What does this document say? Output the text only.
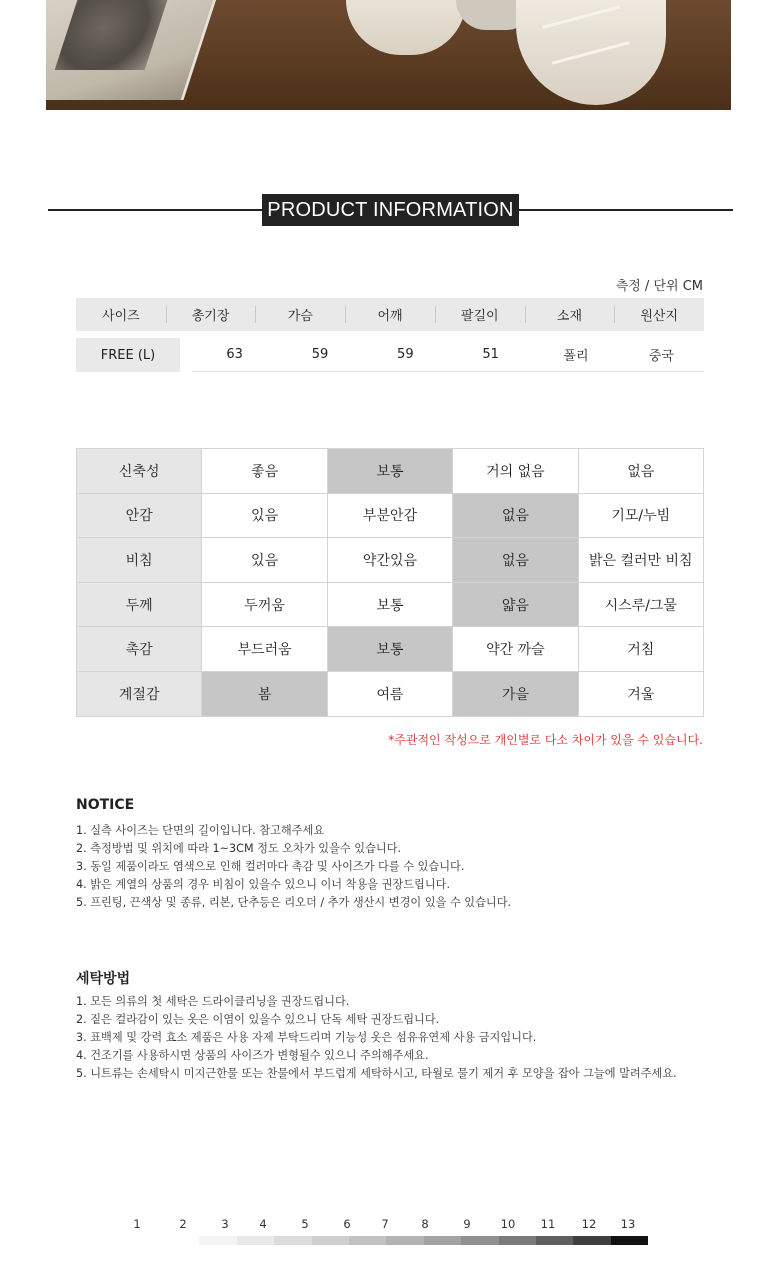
PRODUCT INFORMATION
측정 / 단위 CM
사이즈	총기장	가슴	어깨	팔길이	소재	원산지
FREE (L)	63	59	59	51	폴리	중국
신축성	좋음	보통	거의 없음	없음
안감	있음	부분안감	없음	기모/누빔
비침	있음	약간있음	없음	밝은 컬러만 비침
두께	두꺼움	보통	얇음	시스루/그물
촉감	부드러움	보통	약간 까슬	거침
계절감	봄	여름	가을	겨울
*주관적인 작성으로 개인별로 다소 차이가 있을 수 있습니다.
NOTICE
1. 실측 사이즈는 단면의 길이입니다. 참고해주세요
2. 측정방법 및 위치에 따라 1~3CM 정도 오차가 있을수 있습니다.
3. 동일 제품이라도 염색으로 인해 컬러마다 촉감 및 사이즈가 다를 수 있습니다.
4. 밝은 계열의 상품의 경우 비침이 있을수 있으니 이너 착용을 권장드립니다.
5. 프린팅, 끈색상 및 종류, 리본, 단추등은 리오더 / 추가 생산시 변경이 있을 수 있습니다.
세탁방법
1. 모든 의류의 첫 세탁은 드라이클리닝을 권장드립니다.
2. 짙은 컬라감이 있는 옷은 이염이 있을수 있으니 단독 세탁 권장드립니다.
3. 표백제 및 강력 효소 제품은 사용 자제 부탁드리며 기능성 옷은 섬유유연제 사용 금지입니다.
4. 건조기를 사용하시면 상품의 사이즈가 변형될수 있으니 주의해주세요.
5. 니트류는 손세탁시 미지근한물 또는 찬물에서 부드럽게 세탁하시고, 타월로 물기 제거 후 모양을 잡아 그늘에 말려주세요.
1	2	3	4	5	6	7	8	9	10 11 12 13
